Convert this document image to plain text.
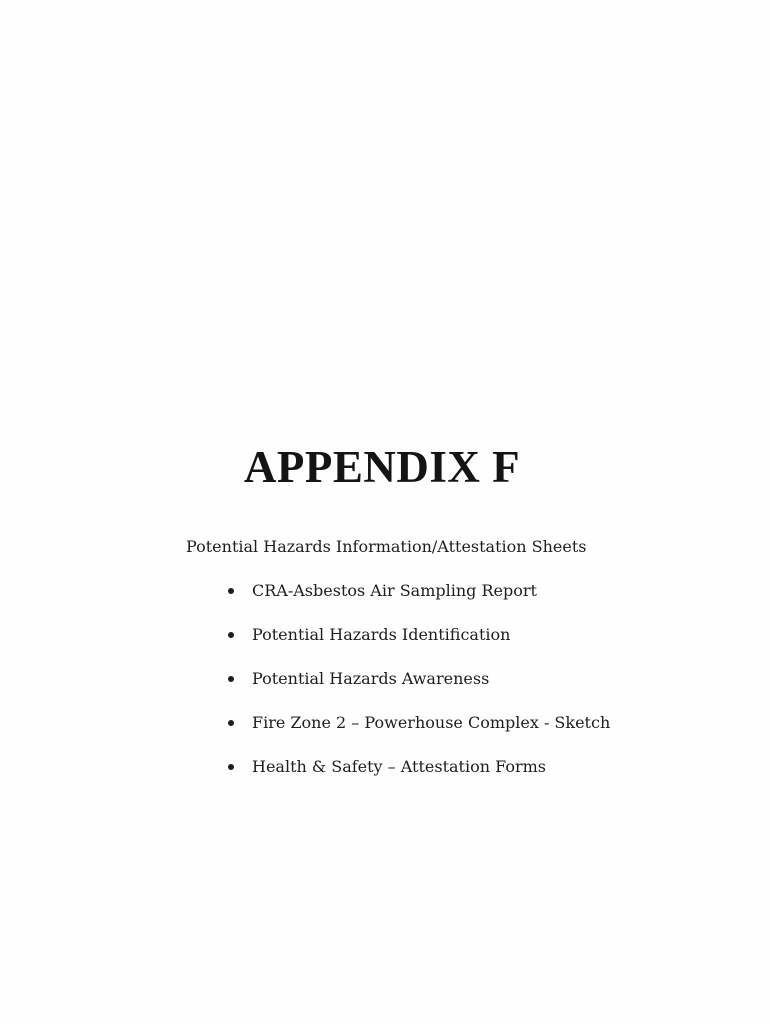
APPENDIX F

Potential Hazards Information/Attestation Sheets

CRA-Asbestos Air Sampling Report
Potential Hazards Identification
Potential Hazards Awareness
Fire Zone 2 – Powerhouse Complex - Sketch
Health & Safety – Attestation Forms
